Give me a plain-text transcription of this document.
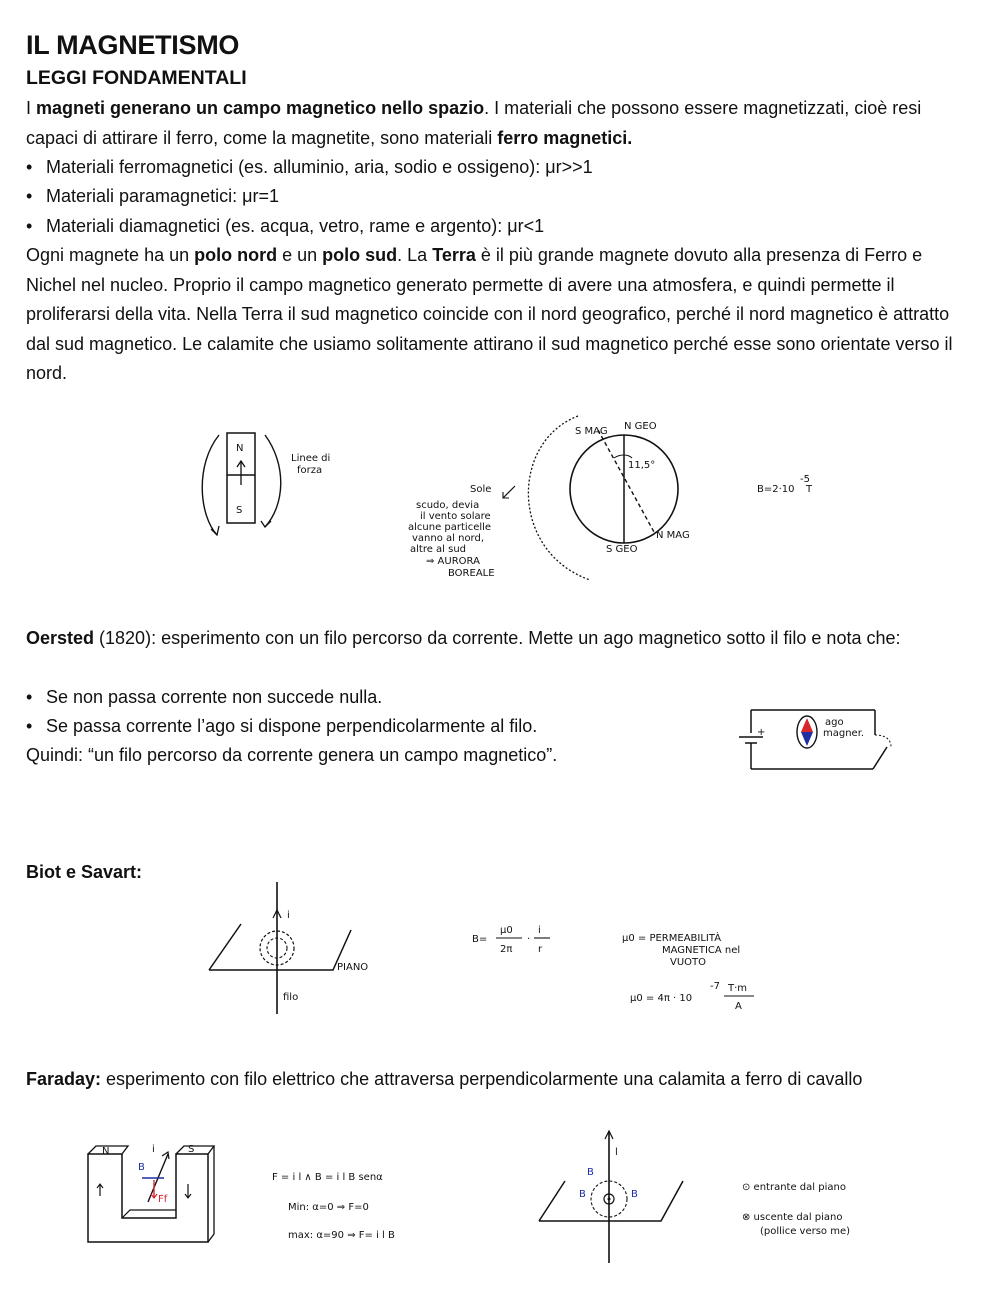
IL MAGNETISMO
LEGGI FONDAMENTALI

I magneti generano un campo magnetico nello spazio. I materiali che possono essere magnetizzati, cioè resi capaci di attirare il ferro, come la magnetite, sono materiali ferro magnetici.

• Materiali ferromagnetici (es. alluminio, aria, sodio e ossigeno): μr>>1
• Materiali paramagnetici: μr=1
• Materiali diamagnetici (es. acqua, vetro, rame e argento): μr<1

Ogni magnete ha un polo nord e un polo sud. La Terra è il più grande magnete dovuto alla presenza di Ferro e Nichel nel nucleo. Proprio il campo magnetico generato permette di avere una atmosfera, e quindi permette il proliferarsi della vita. Nella Terra il sud magnetico coincide con il nord geografico, perché il nord magnetico è attratto dal sud magnetico. Le calamite che usiamo solitamente attirano il sud magnetico perché esse sono orientate verso il nord.

Oersted (1820): esperimento con un filo percorso da corrente. Mette un ago magnetico sotto il filo e nota che:

• Se non passa corrente non succede nulla.
• Se passa corrente l’ago si dispone perpendicolarmente al filo.
Quindi: “un filo percorso da corrente genera un campo magnetico”.
Biot e Savart:

Faraday: esperimento con filo elettrico che attraversa perpendicolarmente una calamita a ferro di cavallo

N
S
Linee di
forza
S MAG N GEO
11,5°
S GEO
N MAG
Sole
scudo, devia
il vento solare
alcune particelle
vanno al nord,
altre al sud
⇒ AURORA
BOREALE
B=2·10
-5
T
+
ago
magner.
i
PIANO
filo
B=
μ0
2π
·
i
r
μ0 = PERMEABILITÀ
MAGNETICA nel
VUOTO
μ0 = 4π · 10
-7 T·m
A
N	S
i
B
Ff
F = i l ∧ B = i l B senα
Min: α=0 ⇒ F=0
max: α=90 ⇒ F= i l B
l
B
B	B
⊙ entrante dal piano
⊗ uscente dal piano
(pollice verso me)
